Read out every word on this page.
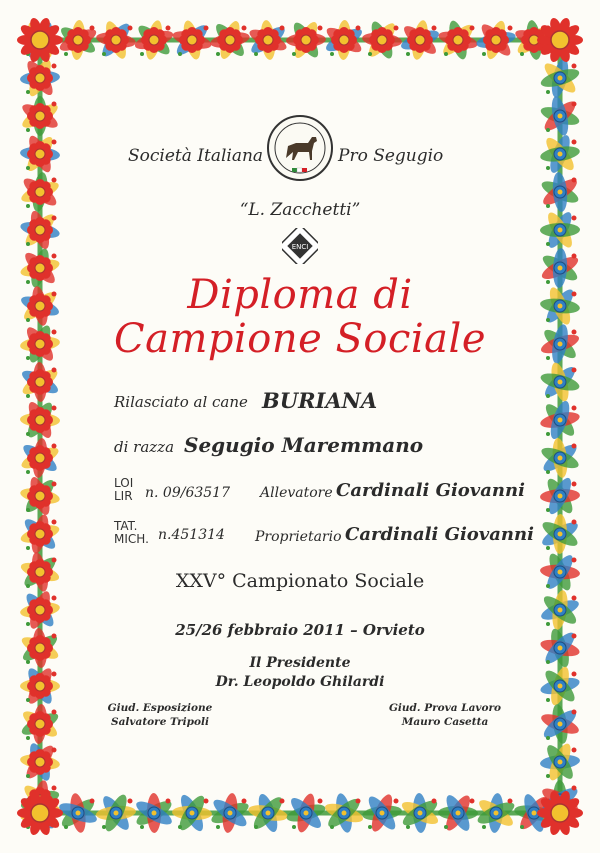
Società Italiana	Pro Segugio
“L. Zacchetti”
ENCI
Diploma di
Campione Sociale
Rilasciato al cane BURIANA
di razza Segugio Maremmano
LOI
LIR n. 09/63517 Allevatore Cardinali Giovanni
TAT.
MICH. n.451314 Proprietario Cardinali Giovanni
XXV° Campionato Sociale
25/26 febbraio 2011 – Orvieto
Il Presidente
Dr. Leopoldo Ghilardi
Giud. Esposizione
Salvatore Tripoli
Giud. Prova Lavoro
Mauro Casetta
